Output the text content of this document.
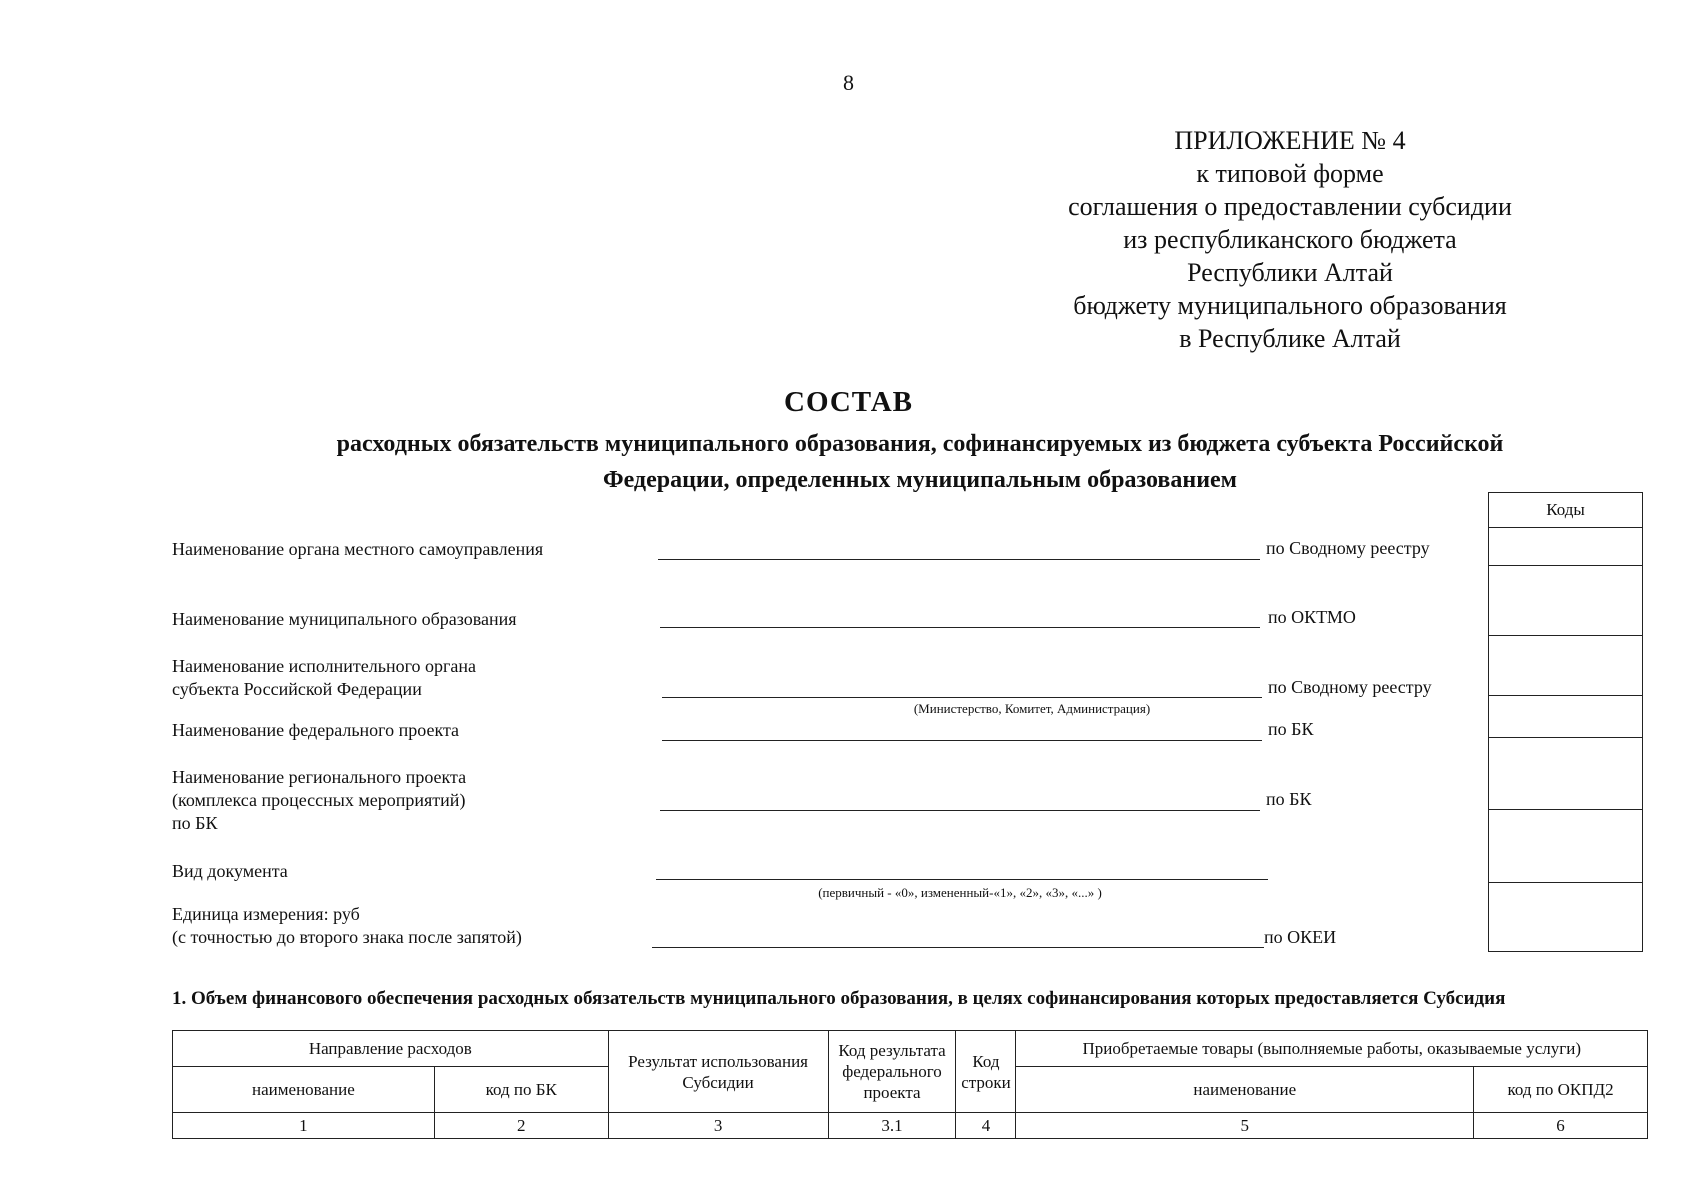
8
ПРИЛОЖЕНИЕ № 4
к типовой форме
соглашения о предоставлении субсидии
из республиканского бюджета
Республики Алтай
бюджету муниципального образования
в Республике Алтай
СОСТАВ
расходных обязательств муниципального образования, софинансируемых из бюджета субъекта Российской
Федерации, определенных муниципальным образованием
Коды
Наименование органа местного самоуправления	по Сводному реестру
Наименование муниципального образования	по ОКТМО
Наименование исполнительного органа
субъекта Российской Федерации	по Сводному реестру
(Министерство, Комитет, Администрация)
Наименование федерального проекта	по БК
Наименование регионального проекта
(комплекса процессных мероприятий)
по БК
по БК
Вид документа
(первичный - «0», измененный-«1», «2», «3», «...» )
Единица измерения: руб
(с точностью до второго знака после запятой)	по ОКЕИ
1. Объем финансового обеспечения расходных обязательств муниципального образования, в целях софинансирования которых предоставляется Субсидия
Направление расходов		Результат использования Субсидии	Код результата федерального проекта	Код строки	Приобретаемые товары (выполняемые работы, оказываемые услуги)	
наименование	код по БК				наименование	код по ОКПД2
1	2	3	3.1	4	5	6
